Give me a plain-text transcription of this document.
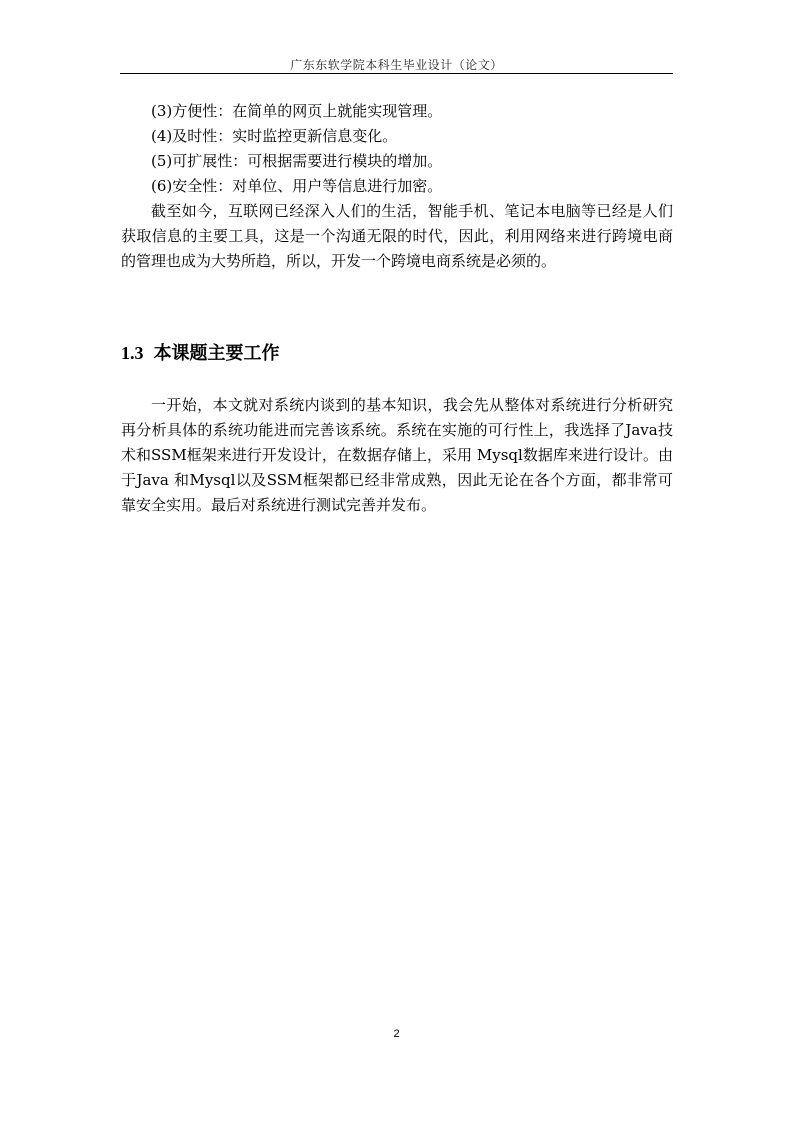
广东东软学院本科生毕业设计（论文）

(3)方便性：在简单的网页上就能实现管理。

(4)及时性：实时监控更新信息变化。

(5)可扩展性：可根据需要进行模块的增加。

(6)安全性：对单位、用户等信息进行加密。

截至如今，互联网已经深入人们的生活，智能手机、笔记本电脑等已经是人们获取信息的主要工具，这是一个沟通无限的时代，因此，利用网络来进行跨境电商的管理也成为大势所趋，所以，开发一个跨境电商系统是必须的。

1.3 本课题主要工作

一开始，本文就对系统内谈到的基本知识，我会先从整体对系统进行分析研究再分析具体的系统功能进而完善该系统。系统在实施的可行性上，我选择了Java技术和SSM框架来进行开发设计，在数据存储上，采用 Mysql数据库来进行设计。由于Java 和Mysql以及SSM框架都已经非常成熟，因此无论在各个方面，都非常可靠安全实用。最后对系统进行测试完善并发布。

2
